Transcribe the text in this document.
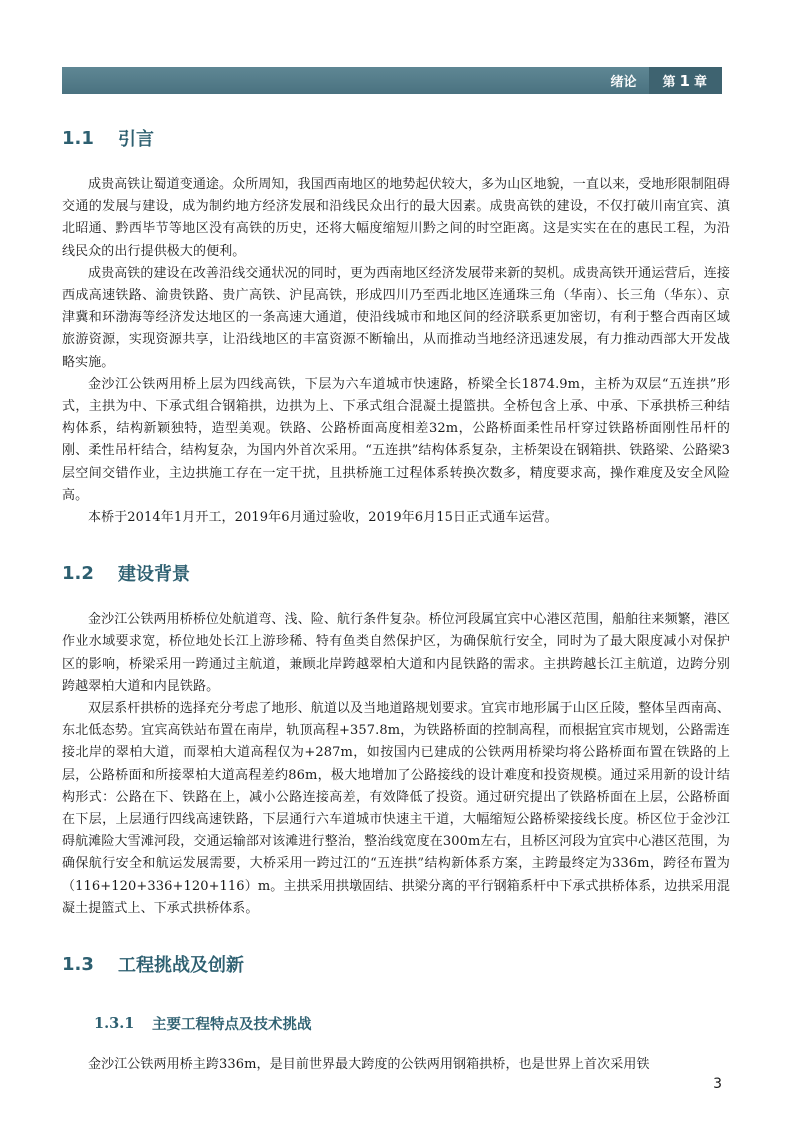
绪论	第 1 章
1.1	引言

成贵高铁让蜀道变通途。众所周知，我国西南地区的地势起伏较大，多为山区地貌，一直以来，受地形限制阻碍交通的发展与建设，成为制约地方经济发展和沿线民众出行的最大因素。成贵高铁的建设，不仅打破川南宜宾、滇北昭通、黔西毕节等地区没有高铁的历史，还将大幅度缩短川黔之间的时空距离。这是实实在在的惠民工程，为沿线民众的出行提供极大的便利。

成贵高铁的建设在改善沿线交通状况的同时，更为西南地区经济发展带来新的契机。成贵高铁开通运营后，连接西成高速铁路、渝贵铁路、贵广高铁、沪昆高铁，形成四川乃至西北地区连通珠三角（华南）、长三角（华东）、京津冀和环渤海等经济发达地区的一条高速大通道，使沿线城市和地区间的经济联系更加密切，有利于整合西南区域旅游资源，实现资源共享，让沿线地区的丰富资源不断输出，从而推动当地经济迅速发展，有力推动西部大开发战略实施。

金沙江公铁两用桥上层为四线高铁，下层为六车道城市快速路，桥梁全长1874.9m，主桥为双层“五连拱”形式，主拱为中、下承式组合钢箱拱，边拱为上、下承式组合混凝土提篮拱。全桥包含上承、中承、下承拱桥三种结构体系，结构新颖独特，造型美观。铁路、公路桥面高度相差32m，公路桥面柔性吊杆穿过铁路桥面刚性吊杆的刚、柔性吊杆结合，结构复杂，为国内外首次采用。“五连拱”结构体系复杂，主桥架设在钢箱拱、铁路梁、公路梁3层空间交错作业，主边拱施工存在一定干扰，且拱桥施工过程体系转换次数多，精度要求高，操作难度及安全风险高。

本桥于2014年1月开工，2019年6月通过验收，2019年6月15日正式通车运营。

1.2	建设背景

金沙江公铁两用桥桥位处航道弯、浅、险、航行条件复杂。桥位河段属宜宾中心港区范围，船舶往来频繁，港区作业水域要求宽，桥位地处长江上游珍稀、特有鱼类自然保护区，为确保航行安全，同时为了最大限度减小对保护区的影响，桥梁采用一跨通过主航道，兼顾北岸跨越翠柏大道和内昆铁路的需求。主拱跨越长江主航道，边跨分别跨越翠柏大道和内昆铁路。

双层系杆拱桥的选择充分考虑了地形、航道以及当地道路规划要求。宜宾市地形属于山区丘陵，整体呈西南高、东北低态势。宜宾高铁站布置在南岸，轨顶高程+357.8m，为铁路桥面的控制高程，而根据宜宾市规划，公路需连接北岸的翠柏大道，而翠柏大道高程仅为+287m，如按国内已建成的公铁两用桥梁均将公路桥面布置在铁路的上层，公路桥面和所接翠柏大道高程差约86m，极大地增加了公路接线的设计难度和投资规模。通过采用新的设计结构形式：公路在下、铁路在上，减小公路连接高差，有效降低了投资。通过研究提出了铁路桥面在上层，公路桥面在下层，上层通行四线高速铁路，下层通行六车道城市快速主干道，大幅缩短公路桥梁接线长度。桥区位于金沙江碍航滩险大雪滩河段，交通运输部对该滩进行整治，整治线宽度在300m左右，且桥区河段为宜宾中心港区范围，为确保航行安全和航运发展需要，大桥采用一跨过江的“五连拱”结构新体系方案，主跨最终定为336m，跨径布置为（116+120+336+120+116）m。主拱采用拱墩固结、拱梁分离的平行钢箱系杆中下承式拱桥体系，边拱采用混凝土提篮式上、下承式拱桥体系。

1.3	工程挑战及创新
1.3.1	主要工程特点及技术挑战

金沙江公铁两用桥主跨336m，是目前世界最大跨度的公铁两用钢箱拱桥，也是世界上首次采用铁

3
